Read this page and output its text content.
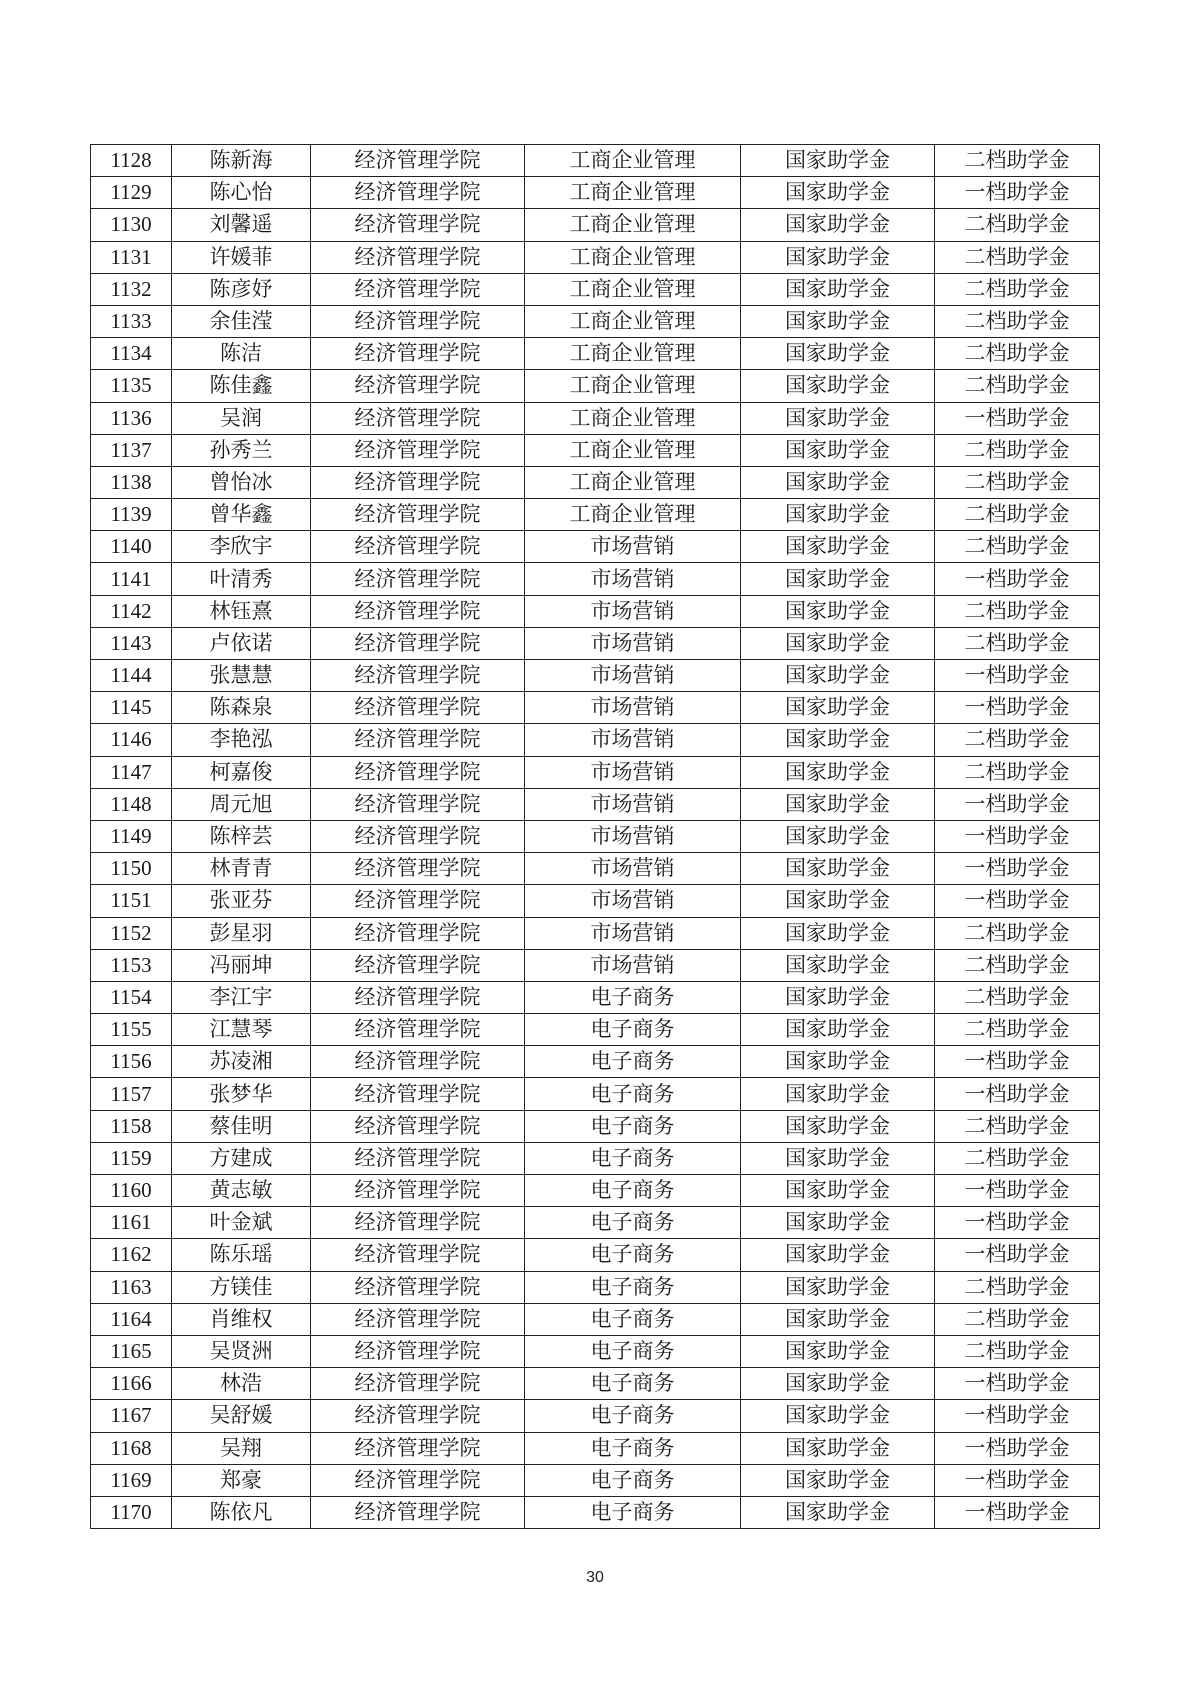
1128	陈新海	经济管理学院	工商企业管理	国家助学金	二档助学金
1129	陈心怡	经济管理学院	工商企业管理	国家助学金	一档助学金
1130	刘馨遥	经济管理学院	工商企业管理	国家助学金	二档助学金
1131	许媛菲	经济管理学院	工商企业管理	国家助学金	二档助学金
1132	陈彦妤	经济管理学院	工商企业管理	国家助学金	二档助学金
1133	余佳滢	经济管理学院	工商企业管理	国家助学金	二档助学金
1134	陈洁	经济管理学院	工商企业管理	国家助学金	二档助学金
1135	陈佳鑫	经济管理学院	工商企业管理	国家助学金	二档助学金
1136	吴润	经济管理学院	工商企业管理	国家助学金	一档助学金
1137	孙秀兰	经济管理学院	工商企业管理	国家助学金	二档助学金
1138	曾怡冰	经济管理学院	工商企业管理	国家助学金	二档助学金
1139	曾华鑫	经济管理学院	工商企业管理	国家助学金	二档助学金
1140	李欣宇	经济管理学院	市场营销	国家助学金	二档助学金
1141	叶清秀	经济管理学院	市场营销	国家助学金	一档助学金
1142	林钰熹	经济管理学院	市场营销	国家助学金	二档助学金
1143	卢依诺	经济管理学院	市场营销	国家助学金	二档助学金
1144	张慧慧	经济管理学院	市场营销	国家助学金	一档助学金
1145	陈森泉	经济管理学院	市场营销	国家助学金	一档助学金
1146	李艳泓	经济管理学院	市场营销	国家助学金	二档助学金
1147	柯嘉俊	经济管理学院	市场营销	国家助学金	二档助学金
1148	周元旭	经济管理学院	市场营销	国家助学金	一档助学金
1149	陈梓芸	经济管理学院	市场营销	国家助学金	一档助学金
1150	林青青	经济管理学院	市场营销	国家助学金	一档助学金
1151	张亚芬	经济管理学院	市场营销	国家助学金	一档助学金
1152	彭星羽	经济管理学院	市场营销	国家助学金	二档助学金
1153	冯丽坤	经济管理学院	市场营销	国家助学金	二档助学金
1154	李江宇	经济管理学院	电子商务	国家助学金	二档助学金
1155	江慧琴	经济管理学院	电子商务	国家助学金	二档助学金
1156	苏凌湘	经济管理学院	电子商务	国家助学金	一档助学金
1157	张梦华	经济管理学院	电子商务	国家助学金	一档助学金
1158	蔡佳明	经济管理学院	电子商务	国家助学金	二档助学金
1159	方建成	经济管理学院	电子商务	国家助学金	二档助学金
1160	黄志敏	经济管理学院	电子商务	国家助学金	一档助学金
1161	叶金斌	经济管理学院	电子商务	国家助学金	一档助学金
1162	陈乐瑶	经济管理学院	电子商务	国家助学金	一档助学金
1163	方镁佳	经济管理学院	电子商务	国家助学金	二档助学金
1164	肖维权	经济管理学院	电子商务	国家助学金	二档助学金
1165	吴贤洲	经济管理学院	电子商务	国家助学金	二档助学金
1166	林浩	经济管理学院	电子商务	国家助学金	一档助学金
1167	吴舒媛	经济管理学院	电子商务	国家助学金	一档助学金
1168	吴翔	经济管理学院	电子商务	国家助学金	一档助学金
1169	郑豪	经济管理学院	电子商务	国家助学金	一档助学金
1170	陈依凡	经济管理学院	电子商务	国家助学金	一档助学金
30
